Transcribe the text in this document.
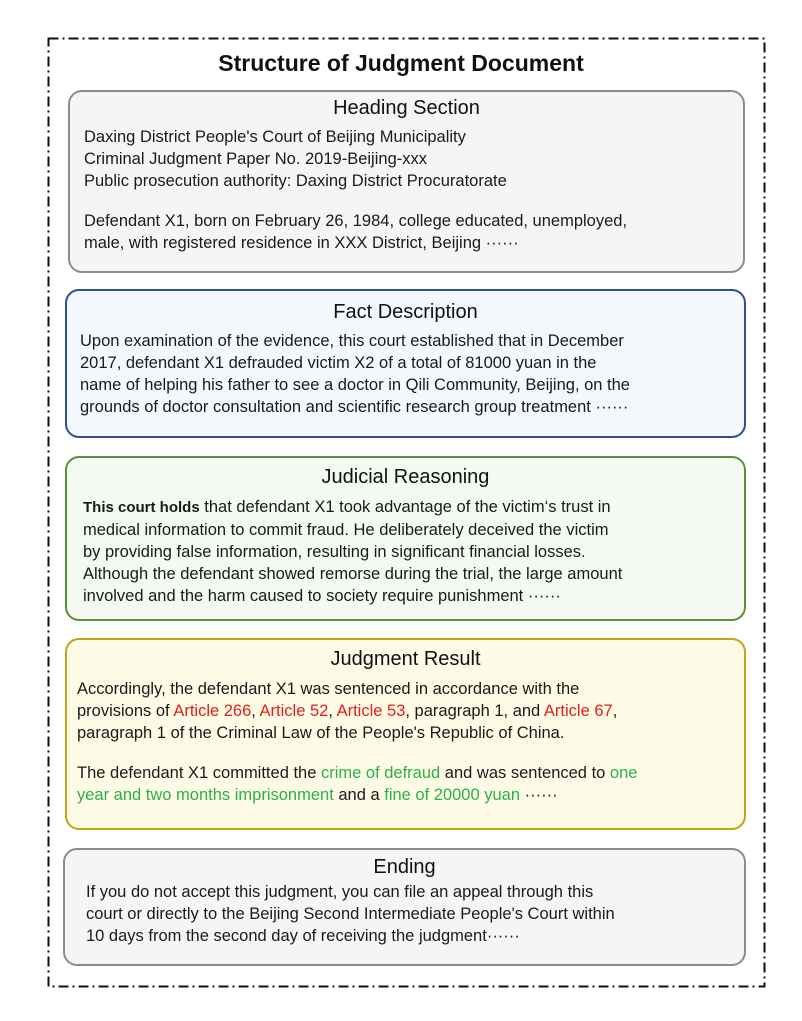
Structure of Judgment Document
Heading Section

Daxing District People's Court of Beijing Municipality

Criminal Judgment Paper No. 2019-Beijing-xxx

Public prosecution authority: Daxing District Procuratorate

Defendant X1, born on February 26, 1984, college educated, unemployed,

male, with registered residence in XXX District, Beijing ······

Fact Description

Upon examination of the evidence, this court established that in December

2017, defendant X1 defrauded victim X2 of a total of 81000 yuan in the

name of helping his father to see a doctor in Qili Community, Beijing, on the

grounds of doctor consultation and scientific research group treatment ······

Judicial Reasoning

This court holds that defendant X1 took advantage of the victim‘s trust in

medical information to commit fraud. He deliberately deceived the victim

by providing false information, resulting in significant financial losses.

Although the defendant showed remorse during the trial, the large amount

involved and the harm caused to society require punishment ······

Judgment Result

Accordingly, the defendant X1 was sentenced in accordance with the

provisions of Article 266, Article 52, Article 53, paragraph 1, and Article 67,

paragraph 1 of the Criminal Law of the People's Republic of China.

The defendant X1 committed the crime of defraud and was sentenced to one

year and two months imprisonment and a fine of 20000 yuan ······

Ending

If you do not accept this judgment, you can file an appeal through this

court or directly to the Beijing Second Intermediate People's Court within

10 days from the second day of receiving the judgment······
